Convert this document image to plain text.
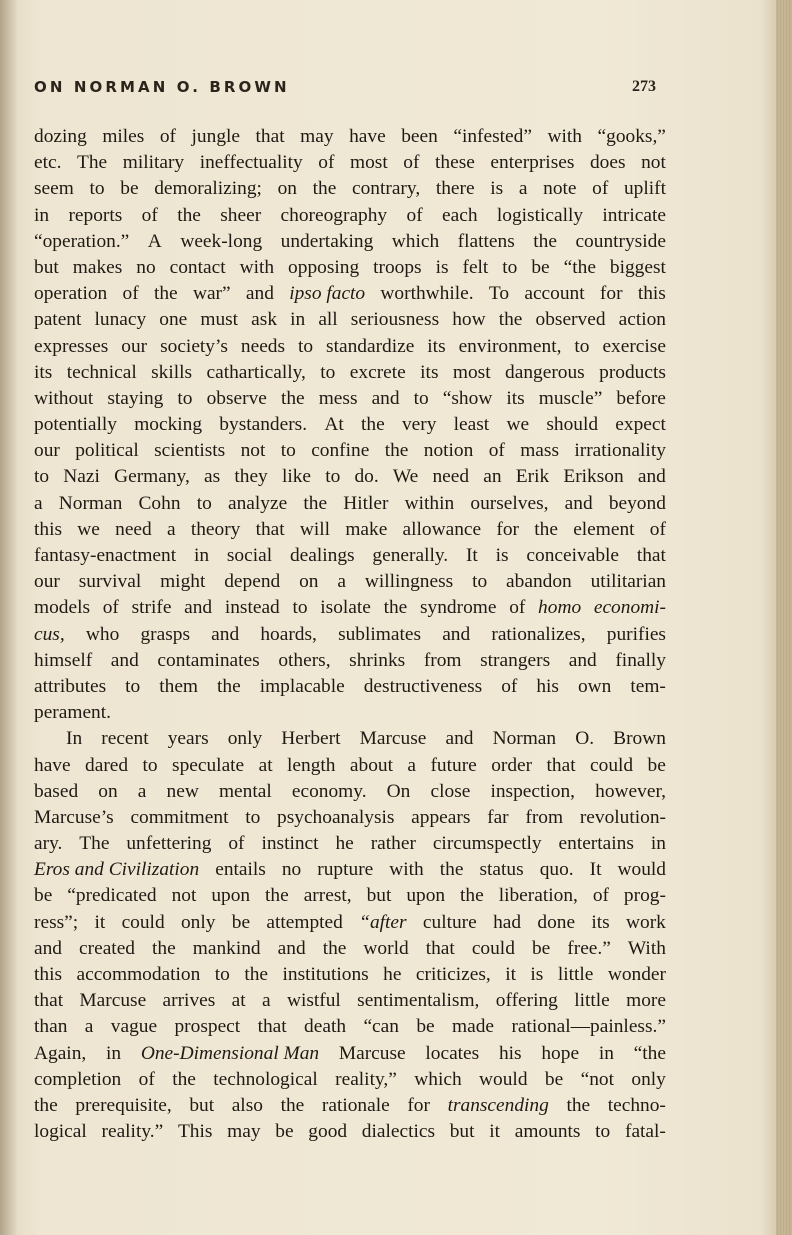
ON NORMAN O. BROWN	273
dozing miles of jungle that may have been “infested” with “gooks,”
etc. The military ineffectuality of most of these enterprises does not
seem to be demoralizing; on the contrary, there is a note of uplift
in reports of the sheer choreography of each logistically intricate
“operation.” A week-long undertaking which flattens the countryside
but makes no contact with opposing troops is felt to be “the biggest
operation of the war” and ipso facto worthwhile. To account for this
patent lunacy one must ask in all seriousness how the observed action
expresses our society’s needs to standardize its environment, to exercise
its technical skills cathartically, to excrete its most dangerous products
without staying to observe the mess and to “show its muscle” before
potentially mocking bystanders. At the very least we should expect
our political scientists not to confine the notion of mass irrationality
to Nazi Germany, as they like to do. We need an Erik Erikson and
a Norman Cohn to analyze the Hitler within ourselves, and beyond
this we need a theory that will make allowance for the element of
fantasy-enactment in social dealings generally. It is conceivable that
our survival might depend on a willingness to abandon utilitarian
models of strife and instead to isolate the syndrome of homo economi-
cus, who grasps and hoards, sublimates and rationalizes, purifies
himself and contaminates others, shrinks from strangers and finally
attributes to them the implacable destructiveness of his own tem-
perament.
In recent years only Herbert Marcuse and Norman O. Brown
have dared to speculate at length about a future order that could be
based on a new mental economy. On close inspection, however,
Marcuse’s commitment to psychoanalysis appears far from revolution-
ary. The unfettering of instinct he rather circumspectly entertains in
Eros and Civilization entails no rupture with the status quo. It would
be “predicated not upon the arrest, but upon the liberation, of prog-
ress”; it could only be attempted “after culture had done its work
and created the mankind and the world that could be free.” With
this accommodation to the institutions he criticizes, it is little wonder
that Marcuse arrives at a wistful sentimentalism, offering little more
than a vague prospect that death “can be made rational—painless.”
Again, in One-Dimensional Man Marcuse locates his hope in “the
completion of the technological reality,” which would be “not only
the prerequisite, but also the rationale for transcending the techno-
logical reality.” This may be good dialectics but it amounts to fatal-
